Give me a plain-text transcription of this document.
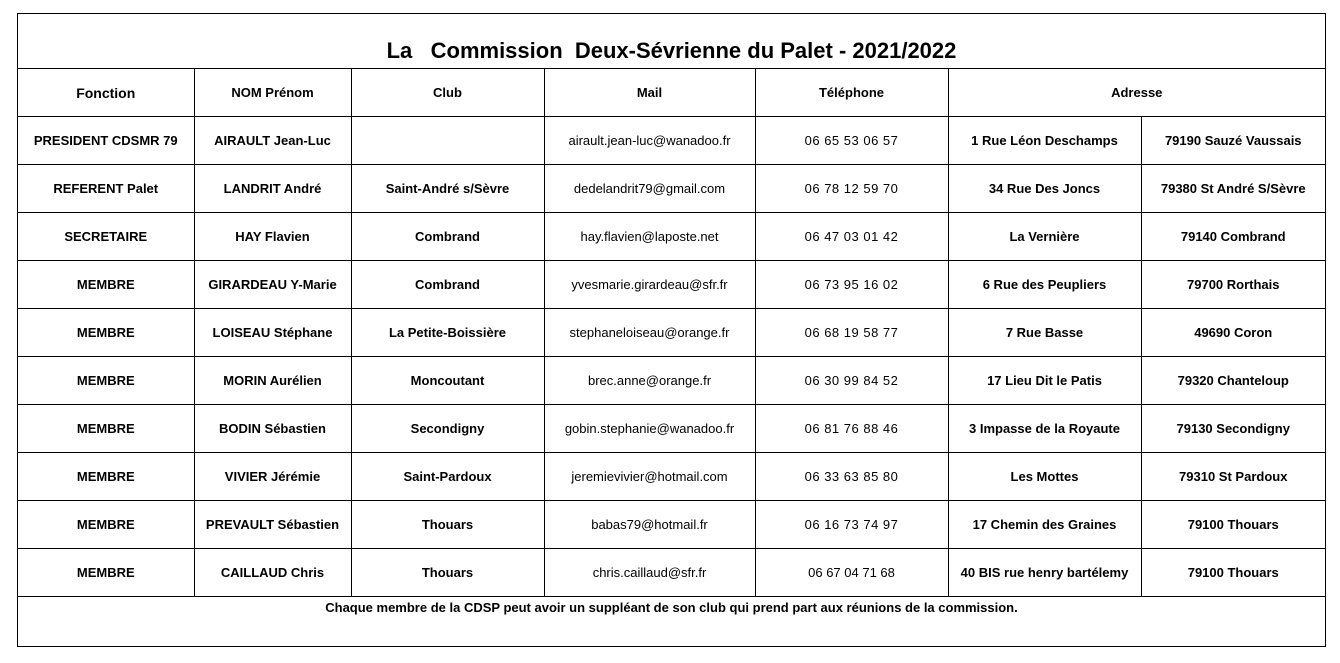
La   Commission  Deux-Sévrienne du Palet - 2021/2022
Fonction	NOM Prénom	Club	Mail	Téléphone	Adresse	
PRESIDENT CDSMR 79	AIRAULT Jean-Luc		airault.jean-luc@wanadoo.fr	06 65 53 06 57	1 Rue Léon Deschamps	79190 Sauzé Vaussais
REFERENT Palet	LANDRIT André	Saint-André s/Sèvre	dedelandrit79@gmail.com	06 78 12 59 70	34 Rue Des Joncs	79380 St André S/Sèvre
SECRETAIRE	HAY Flavien	Combrand	hay.flavien@laposte.net	06 47 03 01 42	La Vernière	79140 Combrand
MEMBRE	GIRARDEAU Y-Marie	Combrand	yvesmarie.girardeau@sfr.fr	06 73 95 16 02	6 Rue des Peupliers	79700 Rorthais
MEMBRE	LOISEAU Stéphane	La Petite-Boissière	stephaneloiseau@orange.fr	06 68 19 58 77	7 Rue Basse	49690 Coron
MEMBRE	MORIN Aurélien	Moncoutant	brec.anne@orange.fr	06 30 99 84 52	17 Lieu Dit le Patis	79320 Chanteloup
MEMBRE	BODIN Sébastien	Secondigny	gobin.stephanie@wanadoo.fr	06 81 76 88 46	3 Impasse de la Royaute	79130 Secondigny
MEMBRE	VIVIER Jérémie	Saint-Pardoux	jeremievivier@hotmail.com	06 33 63 85 80	Les Mottes	79310 St Pardoux
MEMBRE	PREVAULT Sébastien	Thouars	babas79@hotmail.fr	06 16 73 74 97	17 Chemin des Graines	79100 Thouars
MEMBRE	CAILLAUD Chris	Thouars	chris.caillaud@sfr.fr	06 67 04 71 68	40 BIS rue henry bartélemy	79100 Thouars
Chaque membre de la CDSP peut avoir un suppléant de son club qui prend part aux réunions de la commission.
